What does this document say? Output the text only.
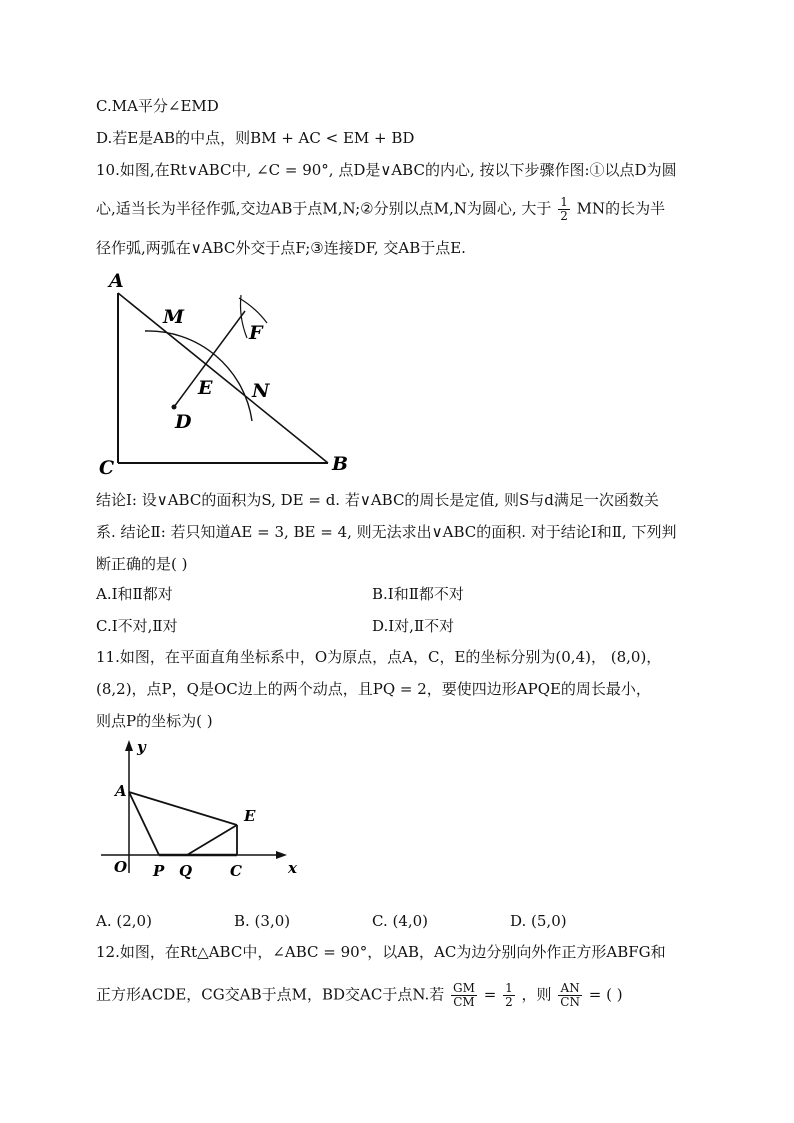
C.MA平分∠EMD
D.若E是AB的中点，则BM + AC < EM + BD
10.如图,在Rt∨ABC中, ∠C = 90°, 点D是∨ABC的内心, 按以下步骤作图:①以点D为圆
心,适当长为半径作弧,交边AB于点M,N;②分别以点M,N为圆心, 大于 $\frac{1}{2}$ MN的长为半
径作弧,两弧在∨ABC外交于点F;③连接DF, 交AB于点E.
A
C	B
M
F
E N
D
结论Ⅰ: 设∨ABC的面积为S, DE = d. 若∨ABC的周长是定值, 则S与d满足一次函数关
系. 结论Ⅱ: 若只知道AE = 3, BE = 4, 则无法求出∨ABC的面积. 对于结论Ⅰ和Ⅱ, 下列判
断正确的是( )
A.Ⅰ和Ⅱ都对	B.Ⅰ和Ⅱ都不对
C.Ⅰ不对,Ⅱ对	D.Ⅰ对,Ⅱ不对
11.如图，在平面直角坐标系中，O为原点，点A，C，E的坐标分别为(0,4)， (8,0)，
(8,2)，点P，Q是OC边上的两个动点，且PQ = 2，要使四边形APQE的周长最小，
则点P的坐标为( )
y
A
E
O P Q	C	x
A. (2,0)	B. (3,0)	C. (4,0)	D. (5,0)
12.如图，在Rt△ABC中，∠ABC = 90°，以AB，AC为边分别向外作正方形ABFG和
正方形ACDE，CG交AB于点M，BD交AC于点N.若 $\frac{GM}{CM} = \frac{1}{2}$ ，则 $\frac{AN}{CN}$ = ( )
